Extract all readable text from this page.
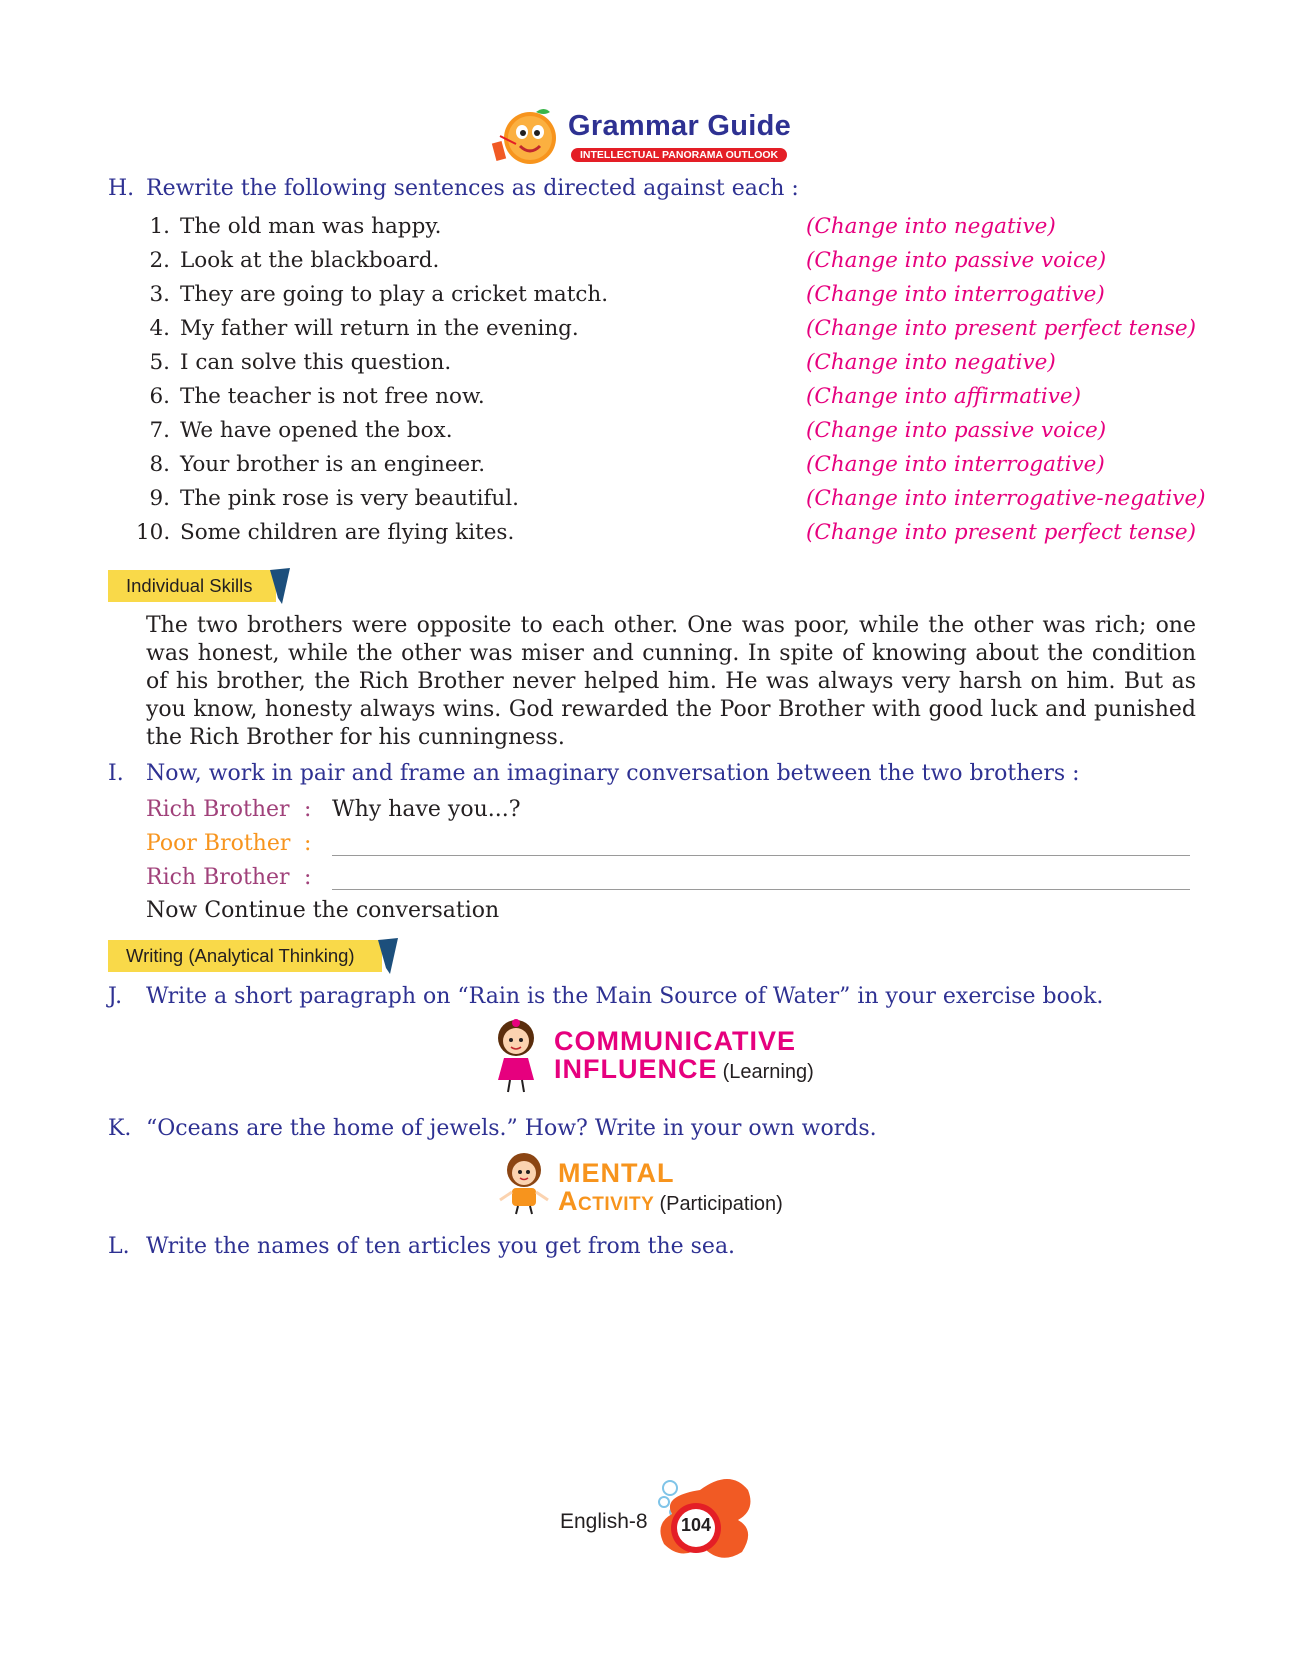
Grammar Guide
INTELLECTUAL PANORAMA OUTLOOK
H. Rewrite the following sentences as directed against each :
1. The old man was happy.	(Change into negative)
2. Look at the blackboard.	(Change into passive voice)
3. They are going to play a cricket match.	(Change into interrogative)
4. My father will return in the evening.	(Change into present perfect tense)
5. I can solve this question.	(Change into negative)
6. The teacher is not free now.	(Change into affirmative)
7. We have opened the box.	(Change into passive voice)
8. Your brother is an engineer.	(Change into interrogative)
9. The pink rose is very beautiful.	(Change into interrogative-negative)
10. Some children are flying kites.	(Change into present perfect tense)
Individual Skills
The two brothers were opposite to each other. One was poor, while the other was rich; one was honest, while the other was miser and cunning. In spite of knowing about the condition of his brother, the Rich Brother never helped him. He was always very harsh on him. But as you know, honesty always wins. God rewarded the Poor Brother with good luck and punished the Rich Brother for his cunningness.
I. Now, work in pair and frame an imaginary conversation between the two brothers :
Rich Brother : Why have you...?
Poor Brother :
Rich Brother :
Now Continue the conversation
Writing (Analytical Thinking)
J. Write a short paragraph on “Rain is the Main Source of Water” in your exercise book.
COMMUNICATIVE
INFLUENCE (Learning)
K. “Oceans are the home of jewels.” How? Write in your own words.
MENTAL
Activity (Participation)
L. Write the names of ten articles you get from the sea.
English-8	104
